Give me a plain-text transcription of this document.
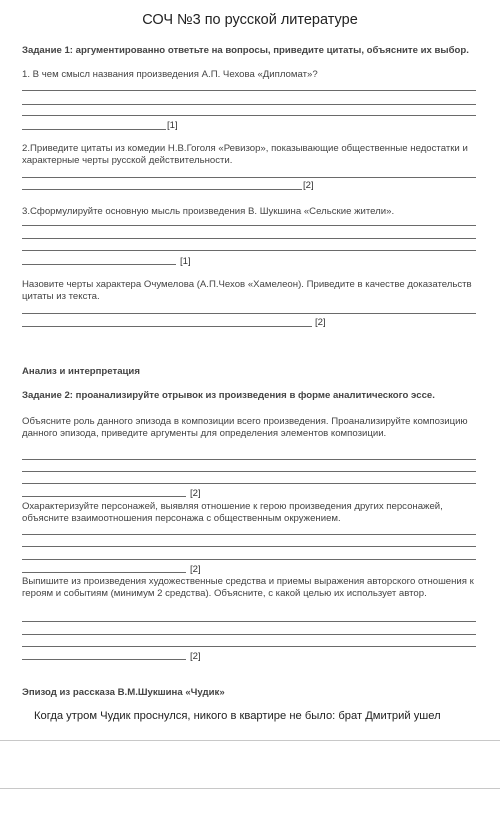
СОЧ №3 по русской литературе
Задание 1: аргументированно ответьте на вопросы, приведите цитаты, объясните их выбор.
1. В чем смысл названия произведения А.П. Чехова «Дипломат»?
[1]
2.Приведите цитаты из комедии Н.В.Гоголя «Ревизор», показывающие общественные недостатки и характерные черты русской действительности.
[2]
3.Сформулируйте основную мысль произведения В. Шукшина «Сельские жители».
[1]
Назовите черты характера Очумелова (А.П.Чехов «Хамелеон). Приведите в качестве доказательств цитаты из текста.
[2]
Анализ и интерпретация
Задание 2: проанализируйте отрывок из произведения в форме аналитического эссе.
Объясните роль данного эпизода в композиции всего произведения. Проанализируйте композицию данного эпизода, приведите аргументы для определения элементов композиции.
[2]
Охарактеризуйте персонажей, выявляя отношение к герою произведения других персонажей, объясните взаимоотношения персонажа с общественным окружением.
[2]
Выпишите из произведения художественные средства и приемы выражения авторского отношения к героям и событиям (минимум 2 средства). Объясните, с какой целью их использует автор.
[2]
Эпизод из рассказа В.М.Шукшина «Чудик»
Когда утром Чудик проснулся, никого в квартире не было: брат Дмитрий ушел
